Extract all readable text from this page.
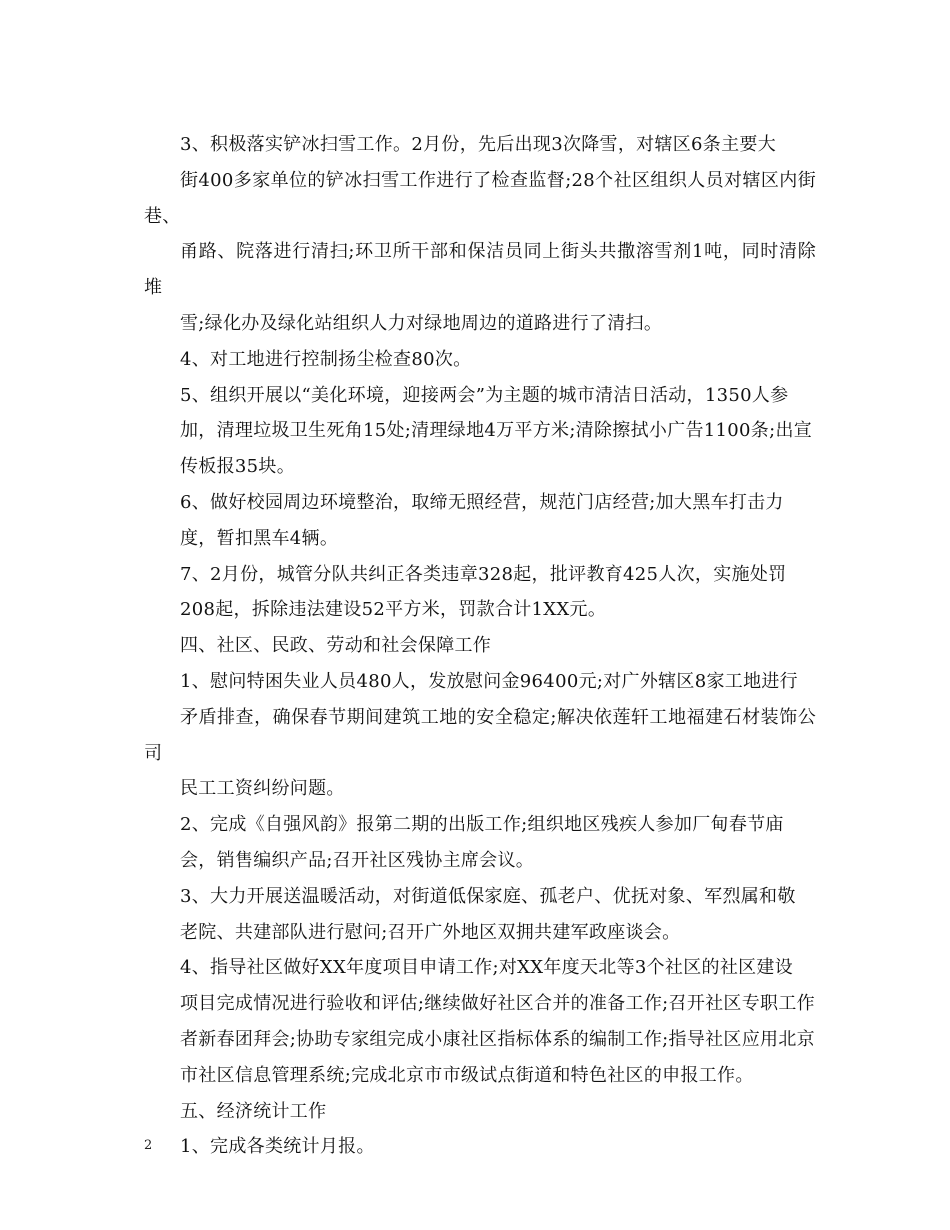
3、积极落实铲冰扫雪工作。2月份，先后出现3次降雪，对辖区6条主要大
街400多家单位的铲冰扫雪工作进行了检查监督;28个社区组织人员对辖区内街巷、
甬路、院落进行清扫;环卫所干部和保洁员同上街头共撒溶雪剂1吨，同时清除堆
雪;绿化办及绿化站组织人力对绿地周边的道路进行了清扫。

4、对工地进行控制扬尘检查80次。

5、组织开展以“美化环境，迎接两会”为主题的城市清洁日活动，1350人参
加，清理垃圾卫生死角15处;清理绿地4万平方米;清除擦拭小广告1100条;出宣
传板报35块。

6、做好校园周边环境整治，取缔无照经营，规范门店经营;加大黑车打击力
度，暂扣黑车4辆。

7、2月份，城管分队共纠正各类违章328起，批评教育425人次，实施处罚
208起，拆除违法建设52平方米，罚款合计1XX元。

四、社区、民政、劳动和社会保障工作

1、慰问特困失业人员480人，发放慰问金96400元;对广外辖区8家工地进行
矛盾排查，确保春节期间建筑工地的安全稳定;解决依莲轩工地福建石材装饰公司
民工工资纠纷问题。

2、完成《自强风韵》报第二期的出版工作;组织地区残疾人参加厂甸春节庙
会，销售编织产品;召开社区残协主席会议。

3、大力开展送温暖活动，对街道低保家庭、孤老户、优抚对象、军烈属和敬
老院、共建部队进行慰问;召开广外地区双拥共建军政座谈会。

4、指导社区做好XX年度项目申请工作;对XX年度天北等3个社区的社区建设
项目完成情况进行验收和评估;继续做好社区合并的准备工作;召开社区专职工作
者新春团拜会;协助专家组完成小康社区指标体系的编制工作;指导社区应用北京
市社区信息管理系统;完成北京市市级试点街道和特色社区的申报工作。

五、经济统计工作

1、完成各类统计月报。

2
